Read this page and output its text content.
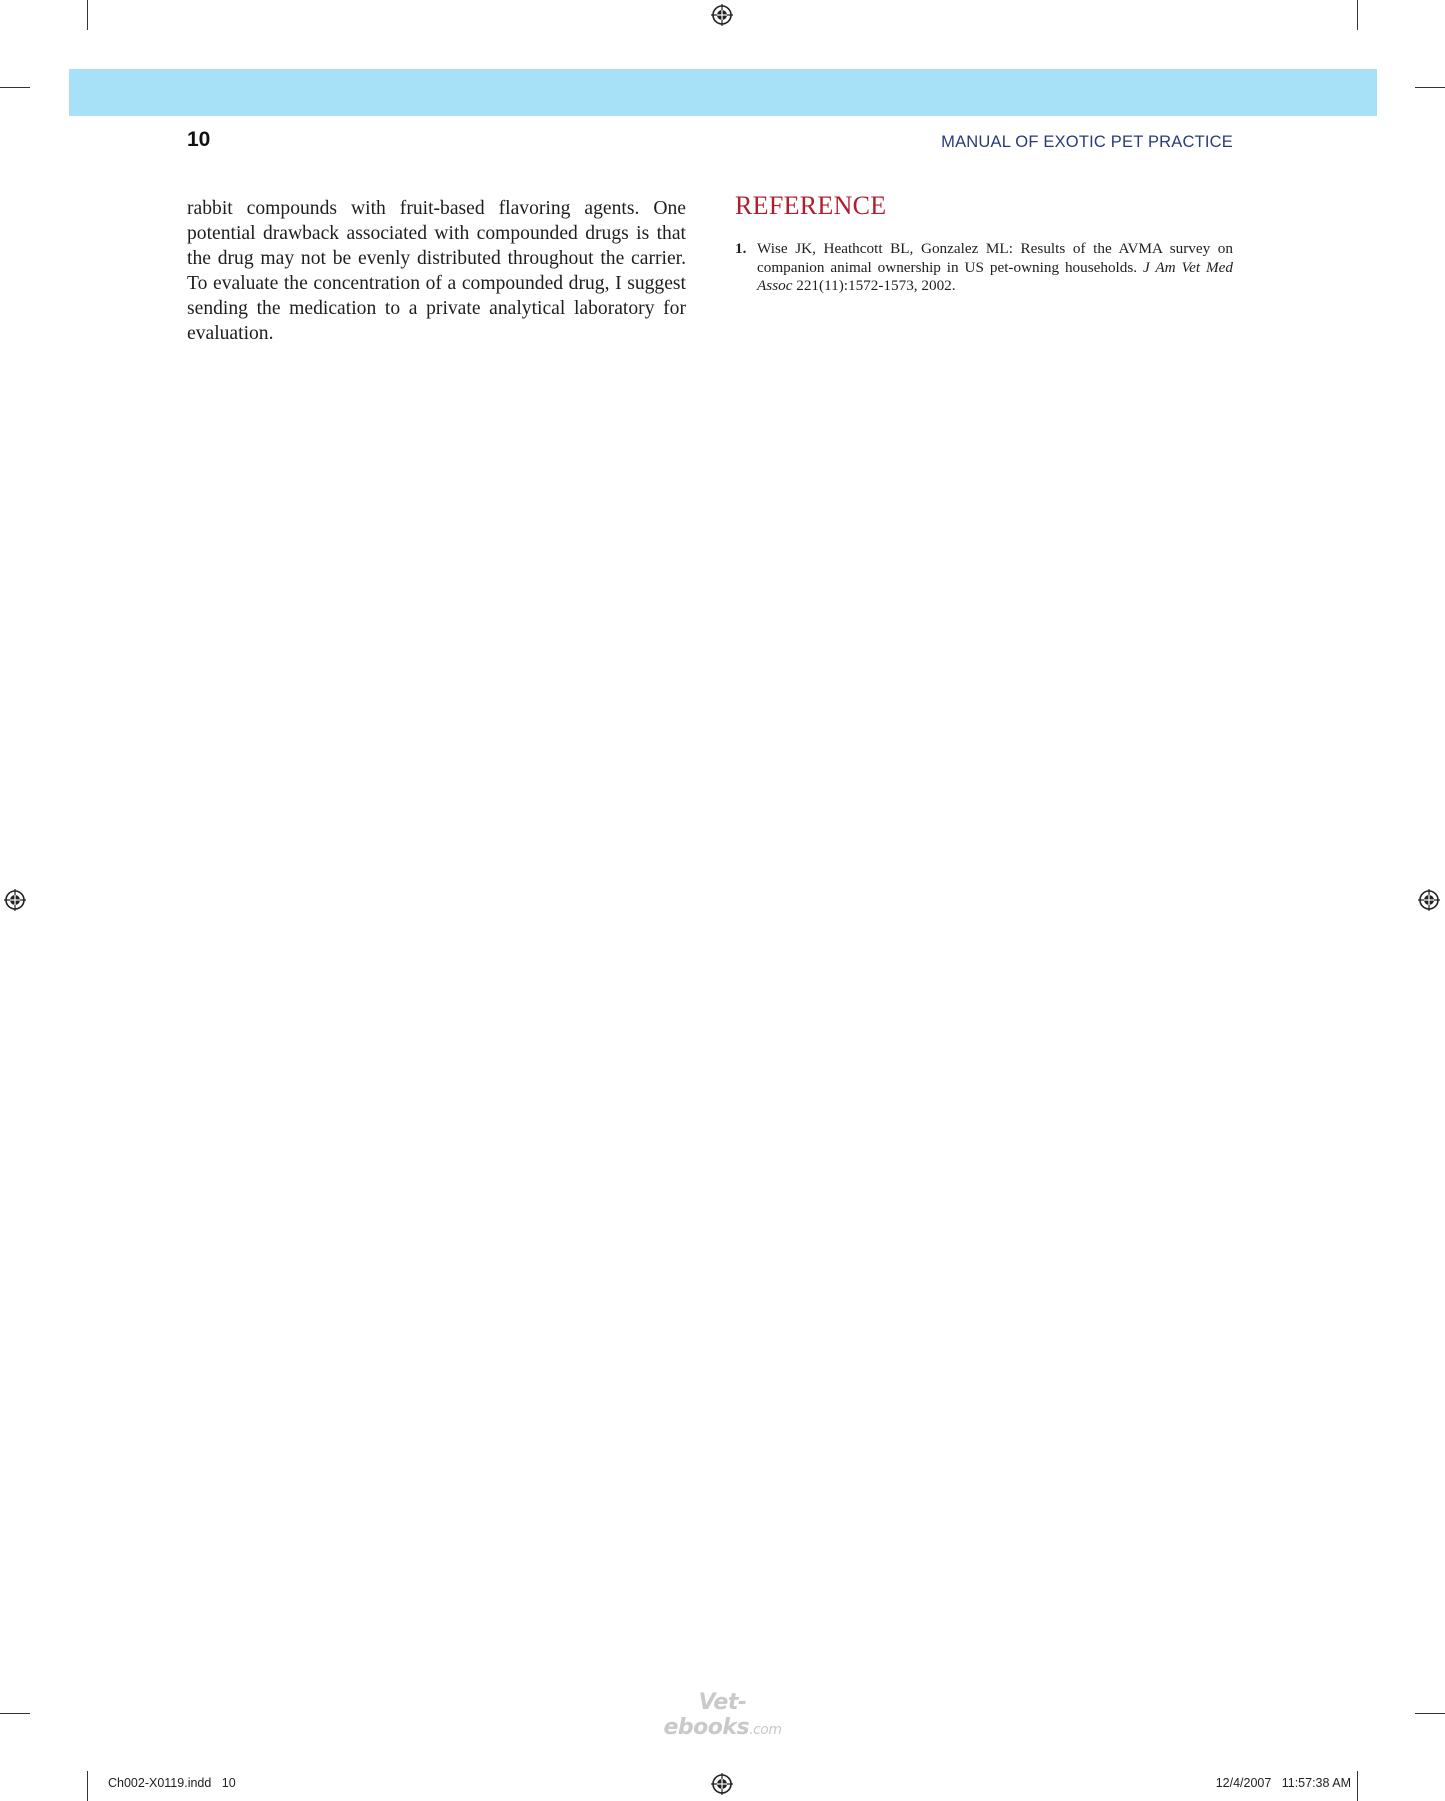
10	MANUAL OF EXOTIC PET PRACTICE

rabbit compounds with fruit-based flavoring agents. One potential drawback associated with compounded drugs is that the drug may not be evenly distributed throughout the carrier. To evaluate the concentration of a compounded drug, I suggest sending the medication to a private analytical laboratory for evaluation.

REFERENCE
1. Wise JK, Heathcott BL, Gonzalez ML: Results of the AVMA survey on companion animal ownership in US pet-owning households. J Am Vet Med Assoc 221(11):1572-1573, 2002.
Vet-ebooks.com
Ch002-X0119.indd   10	12/4/2007   11:57:38 AM
